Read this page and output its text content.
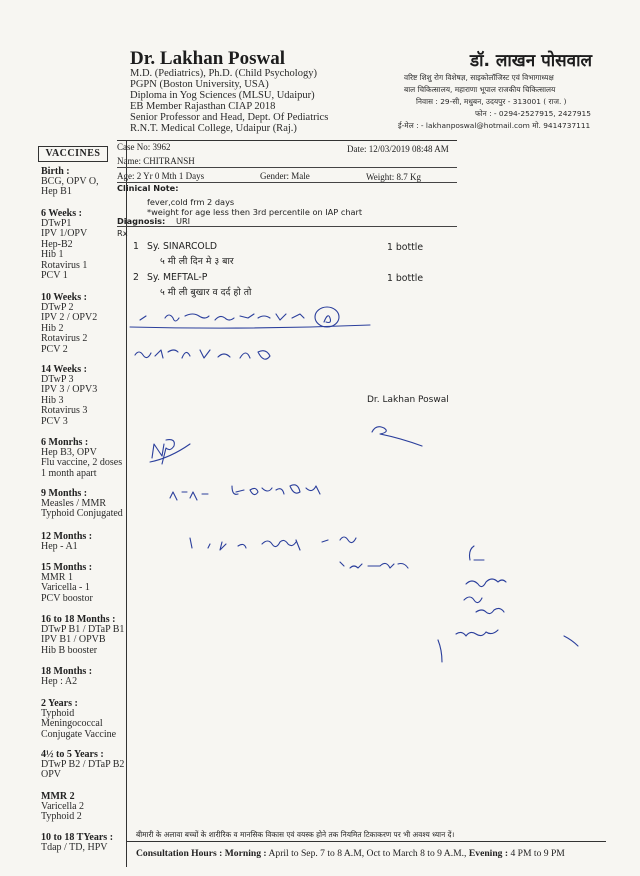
Dr. Lakhan Poswal
M.D. (Pediatrics), Ph.D. (Child Psychology)
PGPN (Boston University, USA)
Diploma in Yog Sciences (MLSU, Udaipur)
EB Member Rajasthan CIAP 2018
Senior Professor and Head, Dept. Of Pediatrics
R.N.T. Medical College, Udaipur (Raj.)
डॉ. लाखन पोसवाल
वरिष्ट शिशु रोग विशेषज्ञ, साइकोलॉजिस्ट एवं विभागाध्यक्ष
बाल चिकित्सालय, महाराणा भूपाल राजकीय चिकित्सालय
निवास : 29-सी, मधुबन, उदयपुर - 313001 ( राज. )
फोन : - 0294-2527915, 2427915
ई-मेल : - lakhanposwal@hotmail.com मो. 9414737111
VACCINES
Birth :
BCG, OPV O,
Hep B1
6 Weeks :
DTwP1
IPV 1/OPV
Hep-B2
Hib 1
Rotavirus 1
PCV 1
10 Weeks :
DTwP 2
IPV 2 / OPV2
Hib 2
Rotavirus 2
PCV 2
14 Weeks :
DTwP 3
IPV 3 / OPV3
Hib 3
Rotavirus 3
PCV 3
6 Monrhs :
Hep B3, OPV
Flu vaccine, 2 doses
1 month apart
9 Months :
Measles / MMR
Typhoid Conjugated
12 Months :
Hep - A1
15 Months :
MMR 1
Varicella - 1
PCV boostor
16 to 18 Months :
DTwP B1 / DTaP B1
IPV B1 / OPVB
Hib B booster
18 Months :
Hep : A2
2 Years :
Typhoid
Meningococcal
Conjugate Vaccine
4½ to 5 Years :
DTwP B2 / DTaP B2
OPV
MMR 2
Varicella 2
Typhoid 2
10 to 18 TYears :
Tdap / TD, HPV
Case No: 3962	Date: 12/03/2019 08:48 AM
Name: CHITRANSH
Age: 2 Yr 0 Mth 1 Days	Gender: Male	Weight: 8.7 Kg
Clinical Note:
fever,cold frm 2 days
*weight for age less then 3rd percentile on IAP chart
Diagnosis: URI
Rx
1 Sy. SINARCOLD	1 bottle
५ मी ली दिन मे ३ बार
2 Sy. MEFTAL-P	1 bottle
५ मी ली बुखार व दर्द हो तो
Dr. Lakhan Poswal
बीमारी के अलावा बच्चों के शारीरिक व मानसिक विकास एवं वयस्क होने तक नियमित टिकाकरण पर भी अवश्य ध्यान दें।
Consultation Hours : Morning : April to Sep. 7 to 8 A.M, Oct to March 8 to 9 A.M., Evening : 4 PM to 9 PM
